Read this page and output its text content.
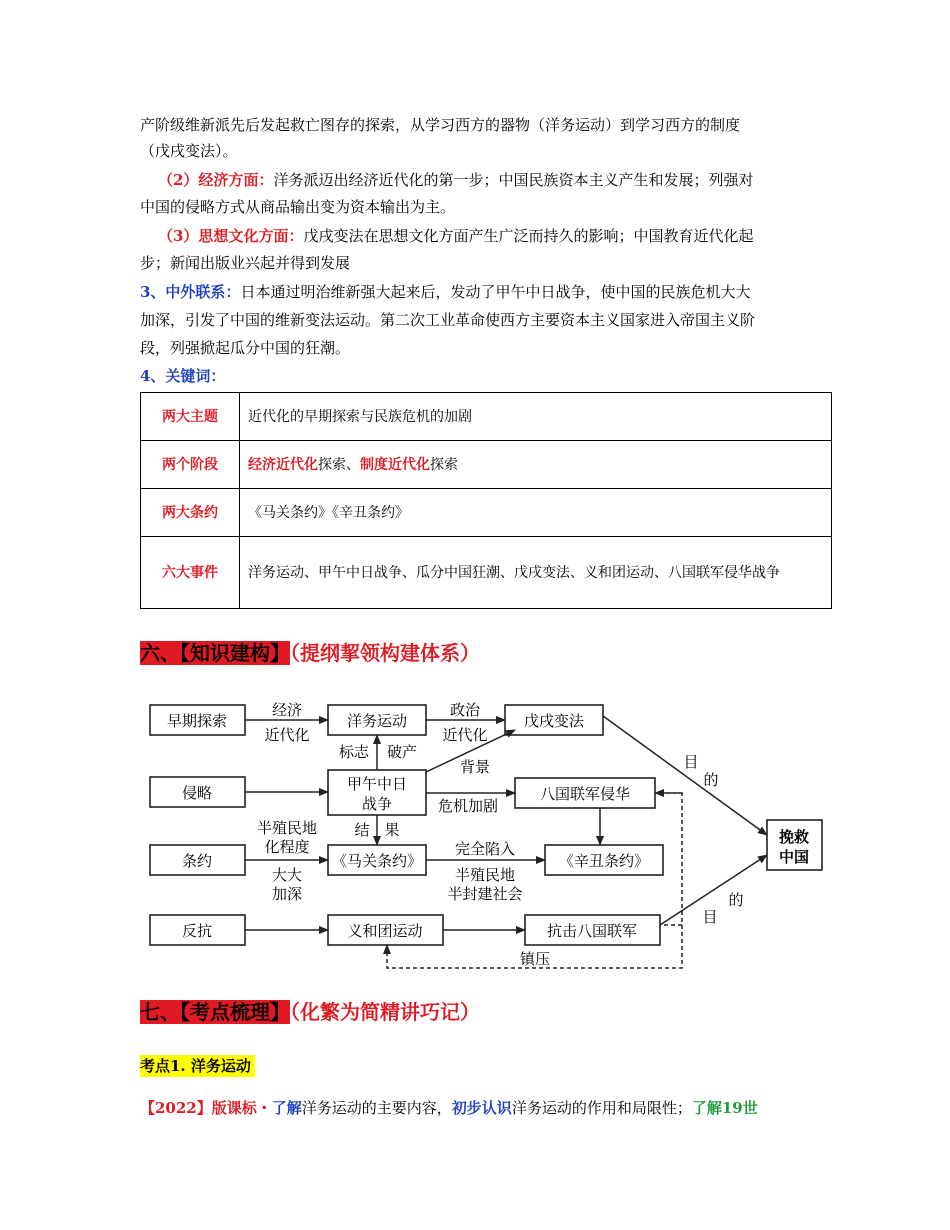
产阶级维新派先后发起救亡图存的探索，从学习西方的器物（洋务运动）到学习西方的制度
（戊戌变法）。
（2）经济方面：洋务派迈出经济近代化的第一步；中国民族资本主义产生和发展；列强对
中国的侵略方式从商品输出变为资本输出为主。
（3）思想文化方面：戊戌变法在思想文化方面产生广泛而持久的影响；中国教育近代化起
步；新闻出版业兴起并得到发展
3、中外联系：日本通过明治维新强大起来后，发动了甲午中日战争，使中国的民族危机大大
加深，引发了中国的维新变法运动。第二次工业革命使西方主要资本主义国家进入帝国主义阶
段，列强掀起瓜分中国的狂潮。
4、关键词：
两大主题	近代化的早期探索与民族危机的加剧
两个阶段	经济近代化探索、制度近代化探索
两大条约	《马关条约》《辛丑条约》
六大事件	洋务运动、甲午中日战争、瓜分中国狂潮、戊戌变法、义和团运动、八国联军侵华战争
六、【知识建构】（提纲挈领构建体系）
早期探索
侵略
条约
反抗
洋务运动	戊戌变法
甲午中日
战争
八国联军侵华
《马关条约》	《辛丑条约》
义和团运动	抗击八国联军
挽救
中国
经济
近代化
政治
近代化
标志 破产
背景
危机加剧
结 果
半殖民地
化程度
大大
加深
完全陷入
半殖民地
半封建社会
镇压
目
的
的
目
七、【考点梳理】（化繁为简精讲巧记）
考点1. 洋务运动
【2022】版课标・了解洋务运动的主要内容，初步认识洋务运动的作用和局限性；了解19世
